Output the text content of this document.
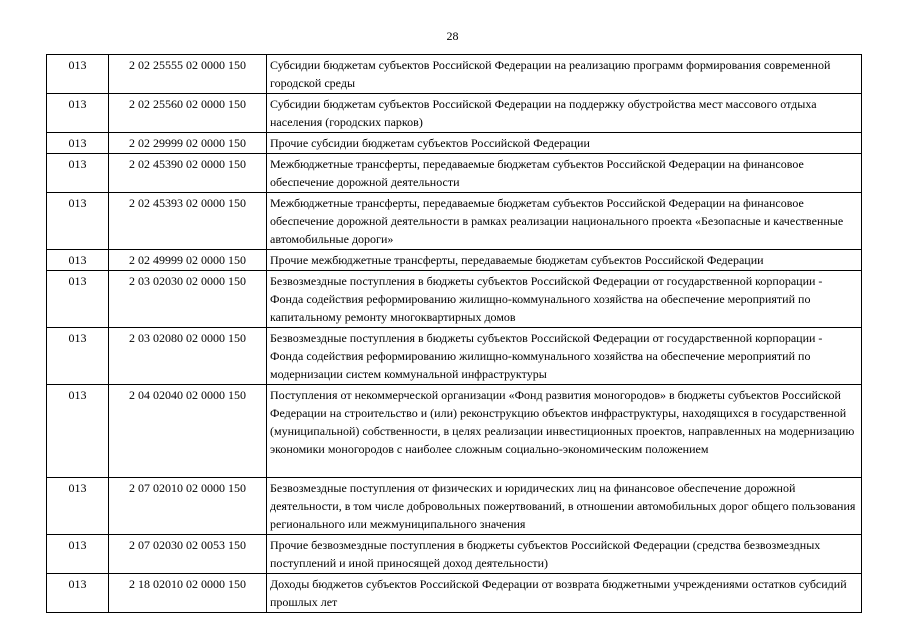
28
013	2 02 25555 02 0000 150	Субсидии бюджетам субъектов Российской Федерации на реализацию программ формирования современной городской среды
013	2 02 25560 02 0000 150	Субсидии бюджетам субъектов Российской Федерации на поддержку обустройства мест массового отдыха населения (городских парков)
013	2 02 29999 02 0000 150	Прочие субсидии бюджетам субъектов Российской Федерации
013	2 02 45390 02 0000 150	Межбюджетные трансферты, передаваемые бюджетам субъектов Российской Федерации на финансовое обеспечение дорожной деятельности
013	2 02 45393 02 0000 150	Межбюджетные трансферты, передаваемые бюджетам субъектов Российской Федерации на финансовое обеспечение дорожной деятельности в рамках реализации национального проекта «Безопасные и качественные автомобильные дороги»
013	2 02 49999 02 0000 150	Прочие межбюджетные трансферты, передаваемые бюджетам субъектов Российской Федерации
013	2 03 02030 02 0000 150	Безвозмездные поступления в бюджеты субъектов Российской Федерации от государственной корпорации - Фонда содействия реформированию жилищно-коммунального хозяйства на обеспечение мероприятий по капитальному ремонту многоквартирных домов
013	2 03 02080 02 0000 150	Безвозмездные поступления в бюджеты субъектов Российской Федерации от государственной корпорации - Фонда содействия реформированию жилищно-коммунального хозяйства на обеспечение мероприятий по модернизации систем коммунальной инфраструктуры
013	2 04 02040 02 0000 150	Поступления от некоммерческой организации «Фонд развития моногородов» в бюджеты субъектов Российской Федерации на строительство и (или) реконструкцию объектов инфраструктуры, находящихся в государственной (муниципальной) собственности, в целях реализации инвестиционных проектов, направленных на модернизацию экономики моногородов с наиболее сложным социально-экономическим положением
013	2 07 02010 02 0000 150	Безвозмездные поступления от физических и юридических лиц на финансовое обеспечение дорожной деятельности, в том числе добровольных пожертвований, в отношении автомобильных дорог общего пользования регионального или межмуниципального значения
013	2 07 02030 02 0053 150	Прочие безвозмездные поступления в бюджеты субъектов Российской Федерации (средства безвозмездных поступлений и иной приносящей доход деятельности)
013	2 18 02010 02 0000 150	Доходы бюджетов субъектов Российской Федерации от возврата бюджетными учреждениями остатков субсидий прошлых лет
